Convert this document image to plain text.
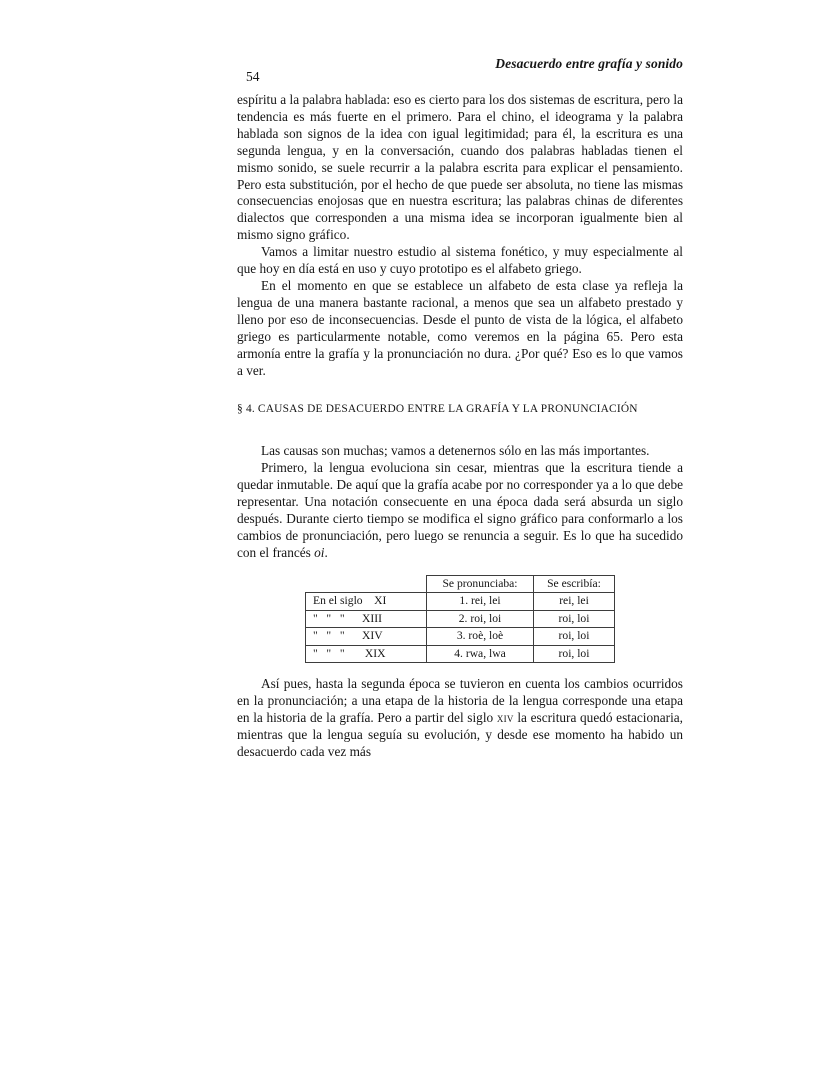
Desacuerdo entre grafía y sonido
54

espíritu a la palabra hablada: eso es cierto para los dos sistemas de escritura, pero la tendencia es más fuerte en el primero. Para el chino, el ideograma y la palabra hablada son signos de la idea con igual legitimidad; para él, la escritura es una segunda lengua, y en la conversación, cuando dos palabras habladas tienen el mismo sonido, se suele recurrir a la palabra escrita para explicar el pensamiento. Pero esta substitución, por el hecho de que puede ser absoluta, no tiene las mismas consecuencias enojosas que en nuestra escritura; las palabras chinas de diferentes dialectos que corresponden a una misma idea se incorporan igualmente bien al mismo signo gráfico.

Vamos a limitar nuestro estudio al sistema fonético, y muy especialmente al que hoy en día está en uso y cuyo prototipo es el alfabeto griego.

En el momento en que se establece un alfabeto de esta clase ya refleja la lengua de una manera bastante racional, a menos que sea un alfabeto prestado y lleno por eso de inconsecuencias. Desde el punto de vista de la lógica, el alfabeto griego es particularmente notable, como veremos en la página 65. Pero esta armonía entre la grafía y la pronunciación no dura. ¿Por qué? Eso es lo que vamos a ver.

§ 4. CAUSAS DE DESACUERDO ENTRE LA GRAFÍA Y LA PRONUNCIACIÓN

Las causas son muchas; vamos a detenernos sólo en las más importantes.

Primero, la lengua evoluciona sin cesar, mientras que la escritura tiende a quedar inmutable. De aquí que la grafía acabe por no corresponder ya a lo que debe representar. Una notación consecuente en una época dada será absurda un siglo después. Durante cierto tiempo se modifica el signo gráfico para conformarlo a los cambios de pronunciación, pero luego se renuncia a seguir. Es lo que ha sucedido con el francés oi.

	Se pronunciaba:	Se escribía:
En el siglo    XI	1. rei, lei	rei, lei
"   "   "      XIII	2. roi, loi	roi, loi
"   "   "      XIV	3. roè, loè	roi, loi
"   "   "       XIX	4. rwa, lwa	roi, loi

Así pues, hasta la segunda época se tuvieron en cuenta los cambios ocurridos en la pronunciación; a una etapa de la historia de la lengua corresponde una etapa en la historia de la grafía. Pero a partir del siglo xiv la escritura quedó estacionaria, mientras que la lengua seguía su evolución, y desde ese momento ha habido un desacuerdo cada vez más
